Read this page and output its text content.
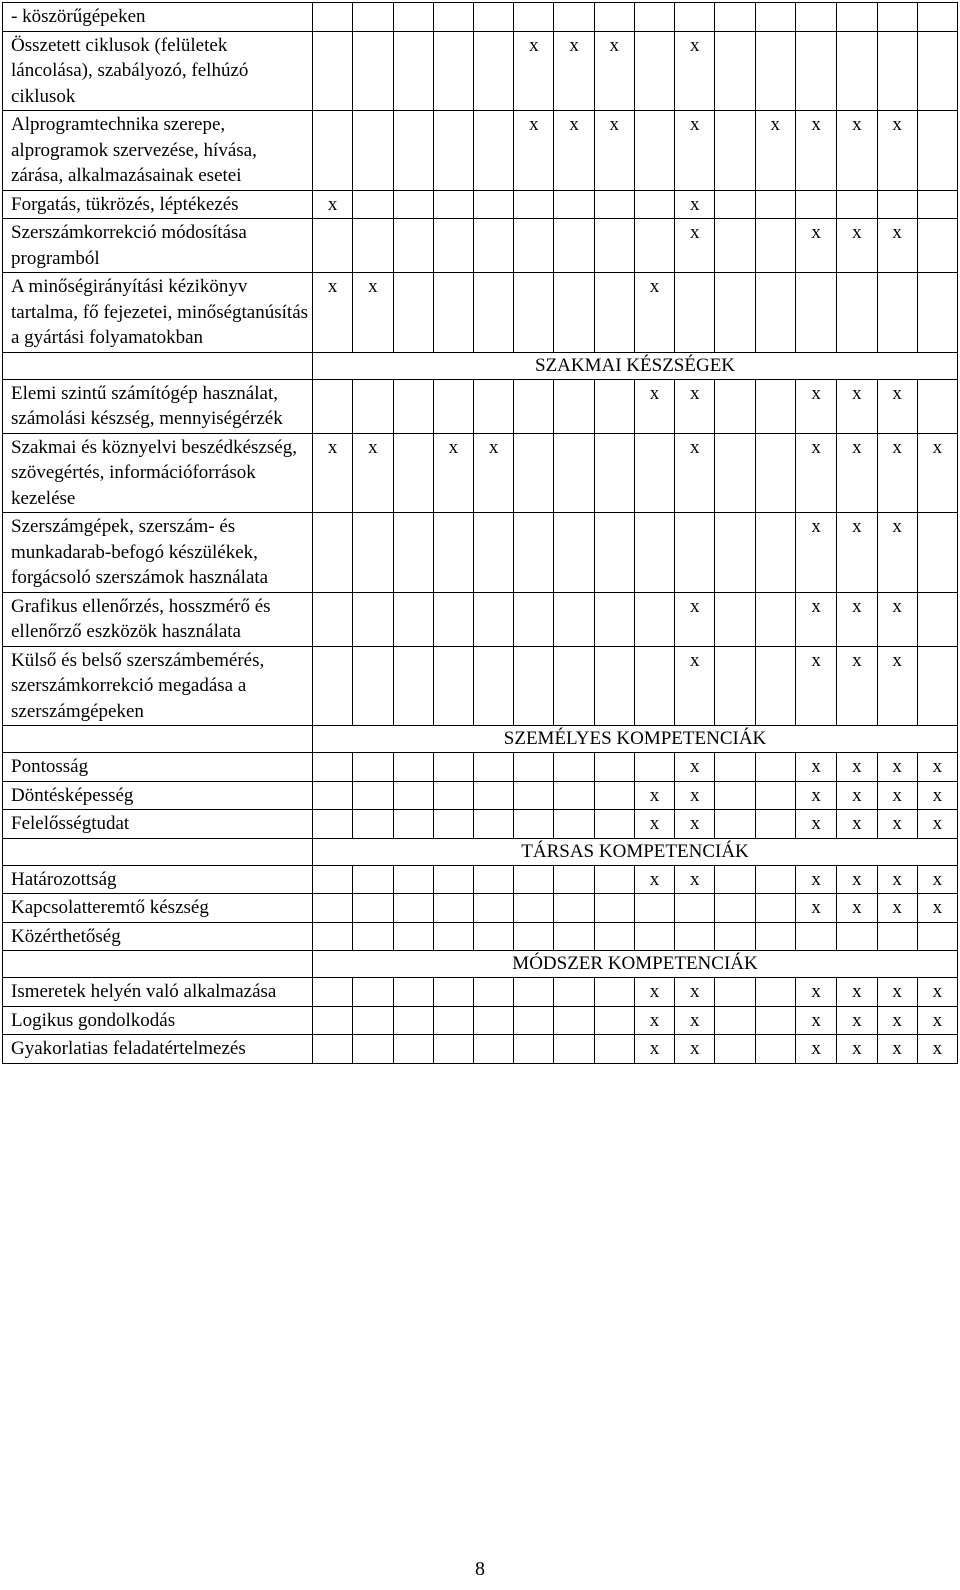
- köszörűgépeken																
Összetett ciklusok (felületek láncolása), szabályozó, felhúzó ciklusok						x	x	x		x						
Alprogramtechnika szerepe, alprogramok szervezése, hívása, zárása, alkalmazásainak esetei						x	x	x		x		x	x	x	x	
Forgatás, tükrözés, léptékezés	x									x						
Szerszámkorrekció módosítása programból										x			x	x	x	
A minőségirányítási kézikönyv tartalma, fő fejezetei, minőségtanúsítás a gyártási folyamatokban	x	x							x							
	SZAKMAI KÉSZSÉGEK															
Elemi szintű számítógép használat, számolási készség, mennyiségérzék									x	x			x	x	x	
Szakmai és köznyelvi beszédkészség, szövegértés, információforrások kezelése	x	x		x	x					x			x	x	x	x
Szerszámgépek, szerszám- és munkadarab-befogó készülékek, forgácsoló szerszámok használata													x	x	x	
Grafikus ellenőrzés, hosszmérő és ellenőrző eszközök használata										x			x	x	x	
Külső és belső szerszámbemérés, szerszámkorrekció megadása a szerszámgépeken										x			x	x	x	
	SZEMÉLYES KOMPETENCIÁK															
Pontosság										x			x	x	x	x
Döntésképesség									x	x			x	x	x	x
Felelősségtudat									x	x			x	x	x	x
	TÁRSAS KOMPETENCIÁK															
Határozottság									x	x			x	x	x	x
Kapcsolatteremtő készség													x	x	x	x
Közérthetőség																
	MÓDSZER KOMPETENCIÁK															
Ismeretek helyén való alkalmazása									x	x			x	x	x	x
Logikus gondolkodás									x	x			x	x	x	x
Gyakorlatias feladatértelmezés									x	x			x	x	x	x
8
